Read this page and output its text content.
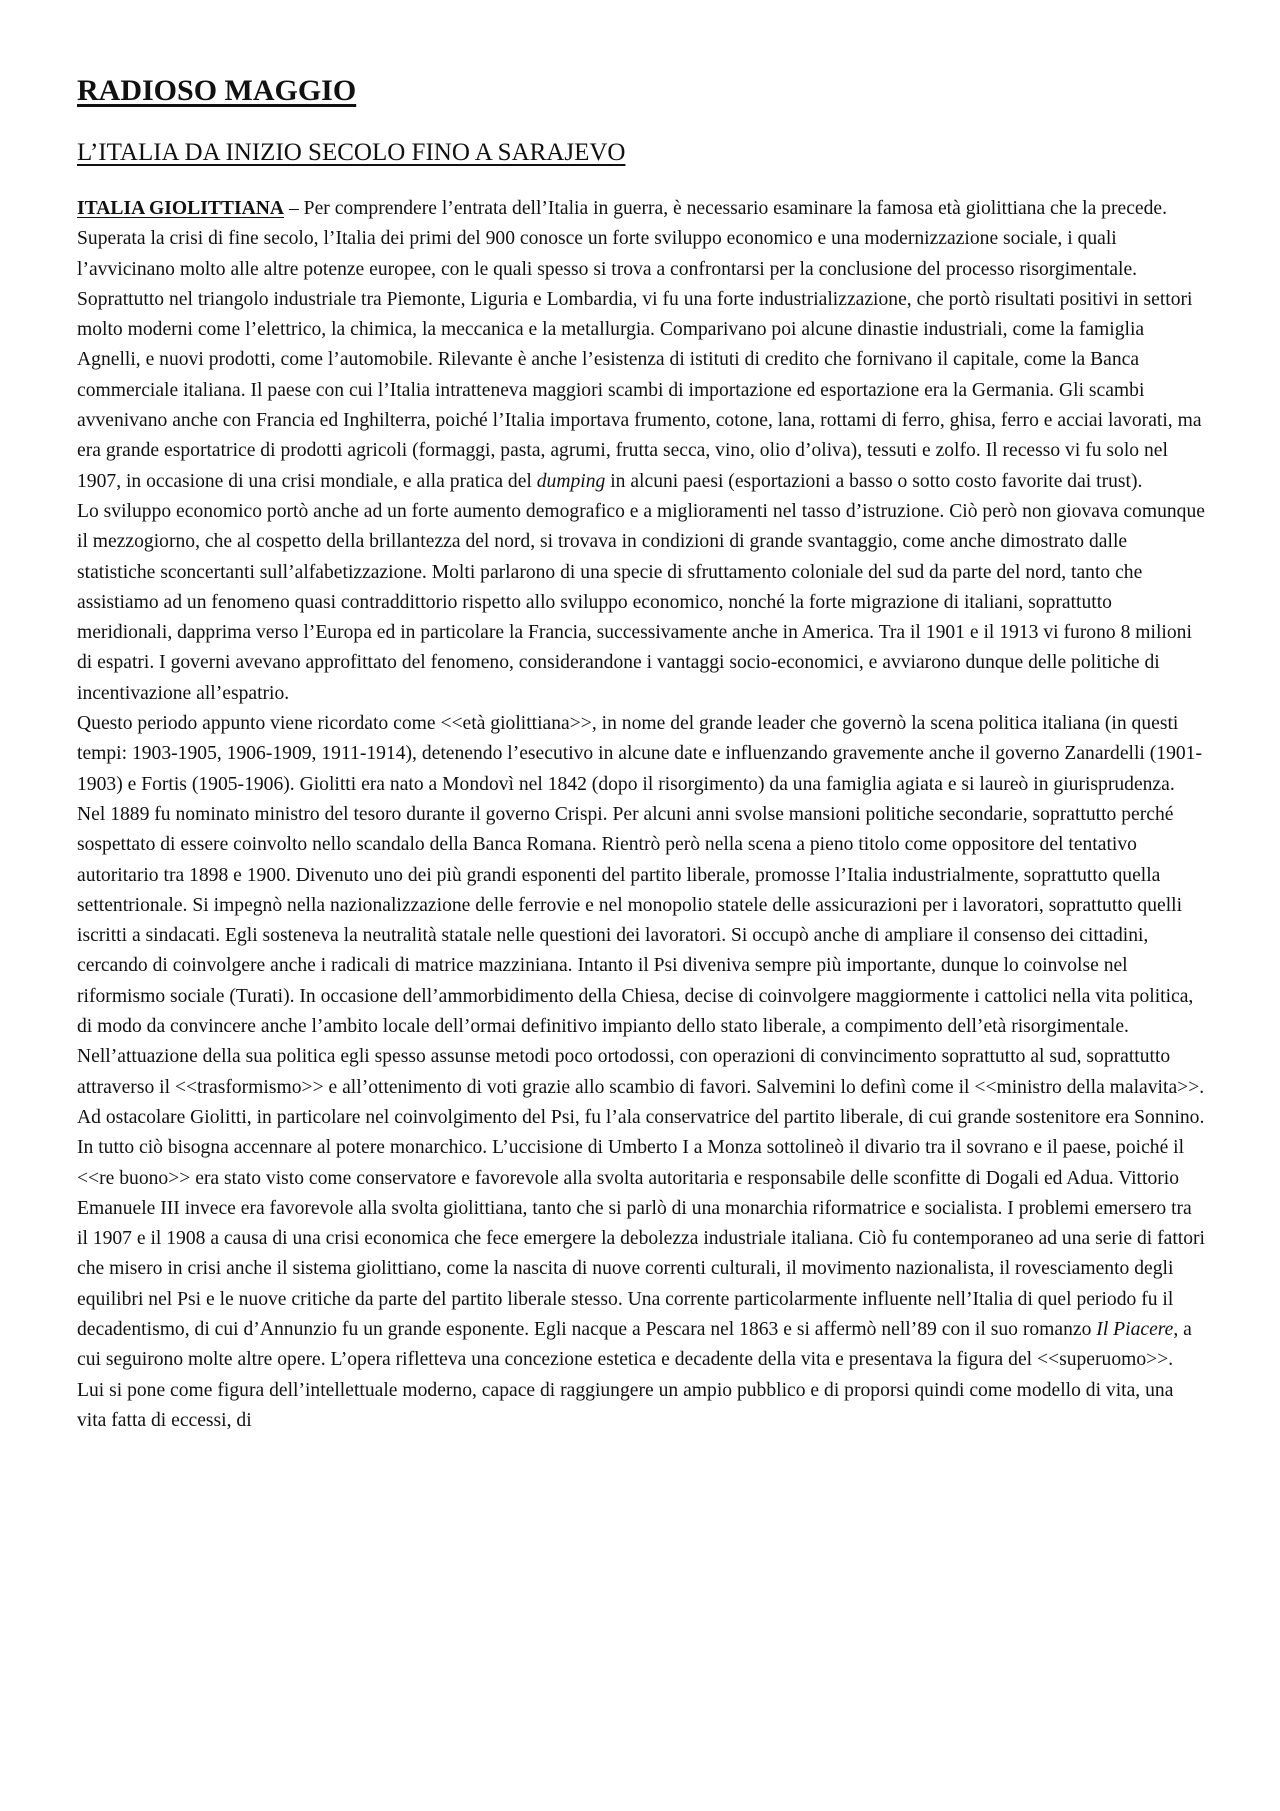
RADIOSO MAGGIO
L’ITALIA DA INIZIO SECOLO FINO A SARAJEVO

ITALIA GIOLITTIANA – Per comprendere l’entrata dell’Italia in guerra, è necessario esaminare la famosa età giolittiana che la precede. Superata la crisi di fine secolo, l’Italia dei primi del 900 conosce un forte sviluppo economico e una modernizzazione sociale, i quali l’avvicinano molto alle altre potenze europee, con le quali spesso si trova a confrontarsi per la conclusione del processo risorgimentale.

Soprattutto nel triangolo industriale tra Piemonte, Liguria e Lombardia, vi fu una forte industrializzazione, che portò risultati positivi in settori molto moderni come l’elettrico, la chimica, la meccanica e la metallurgia. Comparivano poi alcune dinastie industriali, come la famiglia Agnelli, e nuovi prodotti, come l’automobile. Rilevante è anche l’esistenza di istituti di credito che fornivano il capitale, come la Banca commerciale italiana. Il paese con cui l’Italia intratteneva maggiori scambi di importazione ed esportazione era la Germania. Gli scambi avvenivano anche con Francia ed Inghilterra, poiché l’Italia importava frumento, cotone, lana, rottami di ferro, ghisa, ferro e acciai lavorati, ma era grande esportatrice di prodotti agricoli (formaggi, pasta, agrumi, frutta secca, vino, olio d’oliva), tessuti e zolfo. Il recesso vi fu solo nel 1907, in occasione di una crisi mondiale, e alla pratica del dumping in alcuni paesi (esportazioni a basso o sotto costo favorite dai trust).

Lo sviluppo economico portò anche ad un forte aumento demografico e a miglioramenti nel tasso d’istruzione. Ciò però non giovava comunque il mezzogiorno, che al cospetto della brillantezza del nord, si trovava in condizioni di grande svantaggio, come anche dimostrato dalle statistiche sconcertanti sull’alfabetizzazione. Molti parlarono di una specie di sfruttamento coloniale del sud da parte del nord, tanto che assistiamo ad un fenomeno quasi contraddittorio rispetto allo sviluppo economico, nonché la forte migrazione di italiani, soprattutto meridionali, dapprima verso l’Europa ed in particolare la Francia, successivamente anche in America. Tra il 1901 e il 1913 vi furono 8 milioni di espatri. I governi avevano approfittato del fenomeno, considerandone i vantaggi socio-economici, e avviarono dunque delle politiche di incentivazione all’espatrio.

Questo periodo appunto viene ricordato come <<età giolittiana>>, in nome del grande leader che governò la scena politica italiana (in questi tempi: 1903-1905, 1906-1909, 1911-1914), detenendo l’esecutivo in alcune date e influenzando gravemente anche il governo Zanardelli (1901-1903) e Fortis (1905-1906). Giolitti era nato a Mondovì nel 1842 (dopo il risorgimento) da una famiglia agiata e si laureò in giurisprudenza. Nel 1889 fu nominato ministro del tesoro durante il governo Crispi. Per alcuni anni svolse mansioni politiche secondarie, soprattutto perché sospettato di essere coinvolto nello scandalo della Banca Romana. Rientrò però nella scena a pieno titolo come oppositore del tentativo autoritario tra 1898 e 1900. Divenuto uno dei più grandi esponenti del partito liberale, promosse l’Italia industrialmente, soprattutto quella settentrionale. Si impegnò nella nazionalizzazione delle ferrovie e nel monopolio statele delle assicurazioni per i lavoratori, soprattutto quelli iscritti a sindacati. Egli sosteneva la neutralità statale nelle questioni dei lavoratori. Si occupò anche di ampliare il consenso dei cittadini, cercando di coinvolgere anche i radicali di matrice mazziniana. Intanto il Psi diveniva sempre più importante, dunque lo coinvolse nel riformismo sociale (Turati). In occasione dell’ammorbidimento della Chiesa, decise di coinvolgere maggiormente i cattolici nella vita politica, di modo da convincere anche l’ambito locale dell’ormai definitivo impianto dello stato liberale, a compimento dell’età risorgimentale.

Nell’attuazione della sua politica egli spesso assunse metodi poco ortodossi, con operazioni di convincimento soprattutto al sud, soprattutto attraverso il <<trasformismo>> e all’ottenimento di voti grazie allo scambio di favori. Salvemini lo definì come il <<ministro della malavita>>. Ad ostacolare Giolitti, in particolare nel coinvolgimento del Psi, fu l’ala conservatrice del partito liberale, di cui grande sostenitore era Sonnino. In tutto ciò bisogna accennare al potere monarchico. L’uccisione di Umberto I a Monza sottolineò il divario tra il sovrano e il paese, poiché il <<re buono>> era stato visto come conservatore e favorevole alla svolta autoritaria e responsabile delle sconfitte di Dogali ed Adua. Vittorio Emanuele III invece era favorevole alla svolta giolittiana, tanto che si parlò di una monarchia riformatrice e socialista. I problemi emersero tra il 1907 e il 1908 a causa di una crisi economica che fece emergere la debolezza industriale italiana. Ciò fu contemporaneo ad una serie di fattori che misero in crisi anche il sistema giolittiano, come la nascita di nuove correnti culturali, il movimento nazionalista, il rovesciamento degli equilibri nel Psi e le nuove critiche da parte del partito liberale stesso. Una corrente particolarmente influente nell’Italia di quel periodo fu il decadentismo, di cui d’Annunzio fu un grande esponente. Egli nacque a Pescara nel 1863 e si affermò nell’89 con il suo romanzo Il Piacere, a cui seguirono molte altre opere. L’opera rifletteva una concezione estetica e decadente della vita e presentava la figura del <<superuomo>>. Lui si pone come figura dell’intellettuale moderno, capace di raggiungere un ampio pubblico e di proporsi quindi come modello di vita, una vita fatta di eccessi, di
